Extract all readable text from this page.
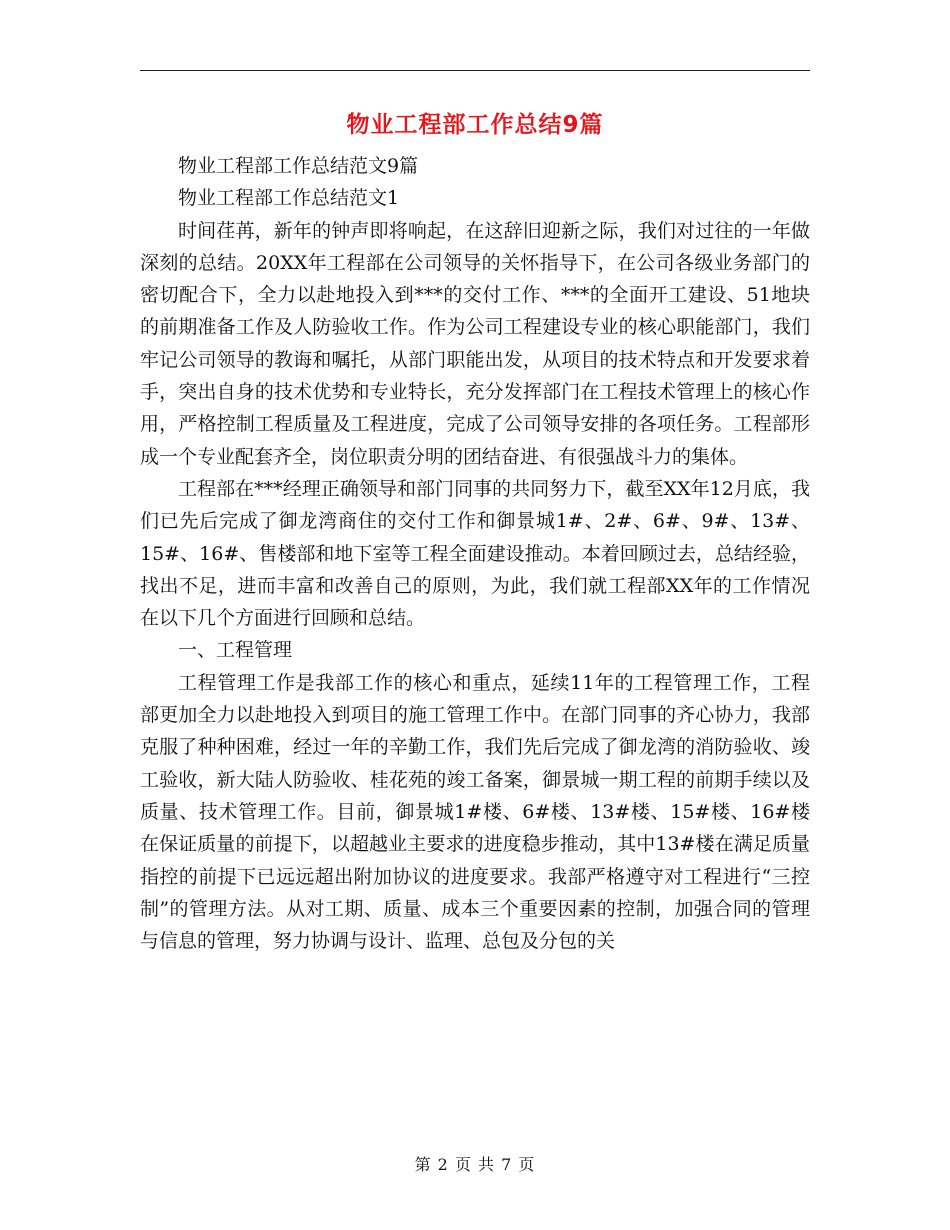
物业工程部工作总结9篇

物业工程部工作总结范文9篇

物业工程部工作总结范文1

时间荏苒，新年的钟声即将响起，在这辞旧迎新之际，我们对过往的一年做深刻的总结。20XX年工程部在公司领导的关怀指导下，在公司各级业务部门的密切配合下，全力以赴地投入到***的交付工作、***的全面开工建设、51地块的前期准备工作及人防验收工作。作为公司工程建设专业的核心职能部门，我们牢记公司领导的教诲和嘱托，从部门职能出发，从项目的技术特点和开发要求着手，突出自身的技术优势和专业特长，充分发挥部门在工程技术管理上的核心作用，严格控制工程质量及工程进度，完成了公司领导安排的各项任务。工程部形成一个专业配套齐全，岗位职责分明的团结奋进、有很强战斗力的集体。

工程部在***经理正确领导和部门同事的共同努力下，截至XX年12月底，我们已先后完成了御龙湾商住的交付工作和御景城1#、2#、6#、9#、13#、15#、16#、售楼部和地下室等工程全面建设推动。本着回顾过去，总结经验，找出不足，进而丰富和改善自己的原则，为此，我们就工程部XX年的工作情况在以下几个方面进行回顾和总结。

一、工程管理

工程管理工作是我部工作的核心和重点，延续11年的工程管理工作，工程部更加全力以赴地投入到项目的施工管理工作中。在部门同事的齐心协力，我部克服了种种困难，经过一年的辛勤工作，我们先后完成了御龙湾的消防验收、竣工验收，新大陆人防验收、桂花苑的竣工备案，御景城一期工程的前期手续以及质量、技术管理工作。目前，御景城1#楼、6#楼、13#楼、15#楼、16#楼在保证质量的前提下，以超越业主要求的进度稳步推动，其中13#楼在满足质量指控的前提下已远远超出附加协议的进度要求。我部严格遵守对工程进行“三控制”的管理方法。从对工期、质量、成本三个重要因素的控制，加强合同的管理与信息的管理，努力协调与设计、监理、总包及分包的关

第 2 页 共 7 页
